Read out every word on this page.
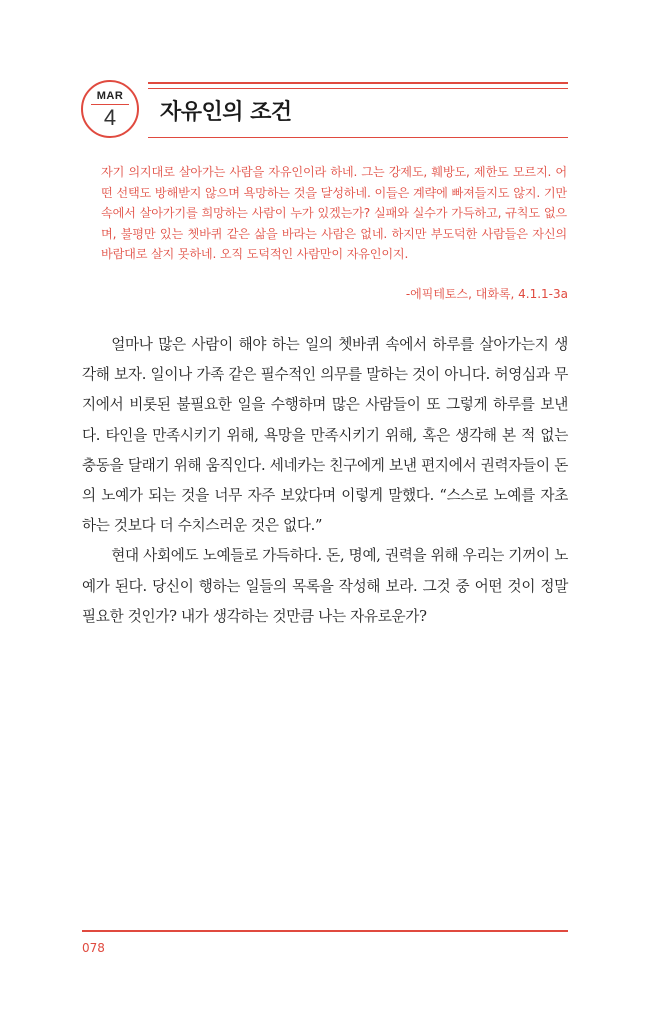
MAR
4	자유인의 조건
자기 의지대로 살아가는 사람을 자유인이라 하네. 그는 강제도, 훼방도, 제한도 모르지. 어떤 선택도 방해받지 않으며 욕망하는 것을 달성하네. 이들은 계략에 빠져들지도 않지. 기만 속에서 살아가기를 희망하는 사람이 누가 있겠는가? 실패와 실수가 가득하고, 규칙도 없으며, 불평만 있는 쳇바퀴 같은 삶을 바라는 사람은 없네. 하지만 부도덕한 사람들은 자신의 바람대로 살지 못하네. 오직 도덕적인 사람만이 자유인이지.
-에픽테토스, 대화록, 4.1.1-3a

얼마나 많은 사람이 해야 하는 일의 쳇바퀴 속에서 하루를 살아가는지 생각해 보자. 일이나 가족 같은 필수적인 의무를 말하는 것이 아니다. 허영심과 무지에서 비롯된 불필요한 일을 수행하며 많은 사람들이 또 그렇게 하루를 보낸다. 타인을 만족시키기 위해, 욕망을 만족시키기 위해, 혹은 생각해 본 적 없는 충동을 달래기 위해 움직인다. 세네카는 친구에게 보낸 편지에서 권력자들이 돈의 노예가 되는 것을 너무 자주 보았다며 이렇게 말했다. “스스로 노예를 자초하는 것보다 더 수치스러운 것은 없다.”

현대 사회에도 노예들로 가득하다. 돈, 명예, 권력을 위해 우리는 기꺼이 노예가 된다. 당신이 행하는 일들의 목록을 작성해 보라. 그것 중 어떤 것이 정말 필요한 것인가? 내가 생각하는 것만큼 나는 자유로운가?

078
